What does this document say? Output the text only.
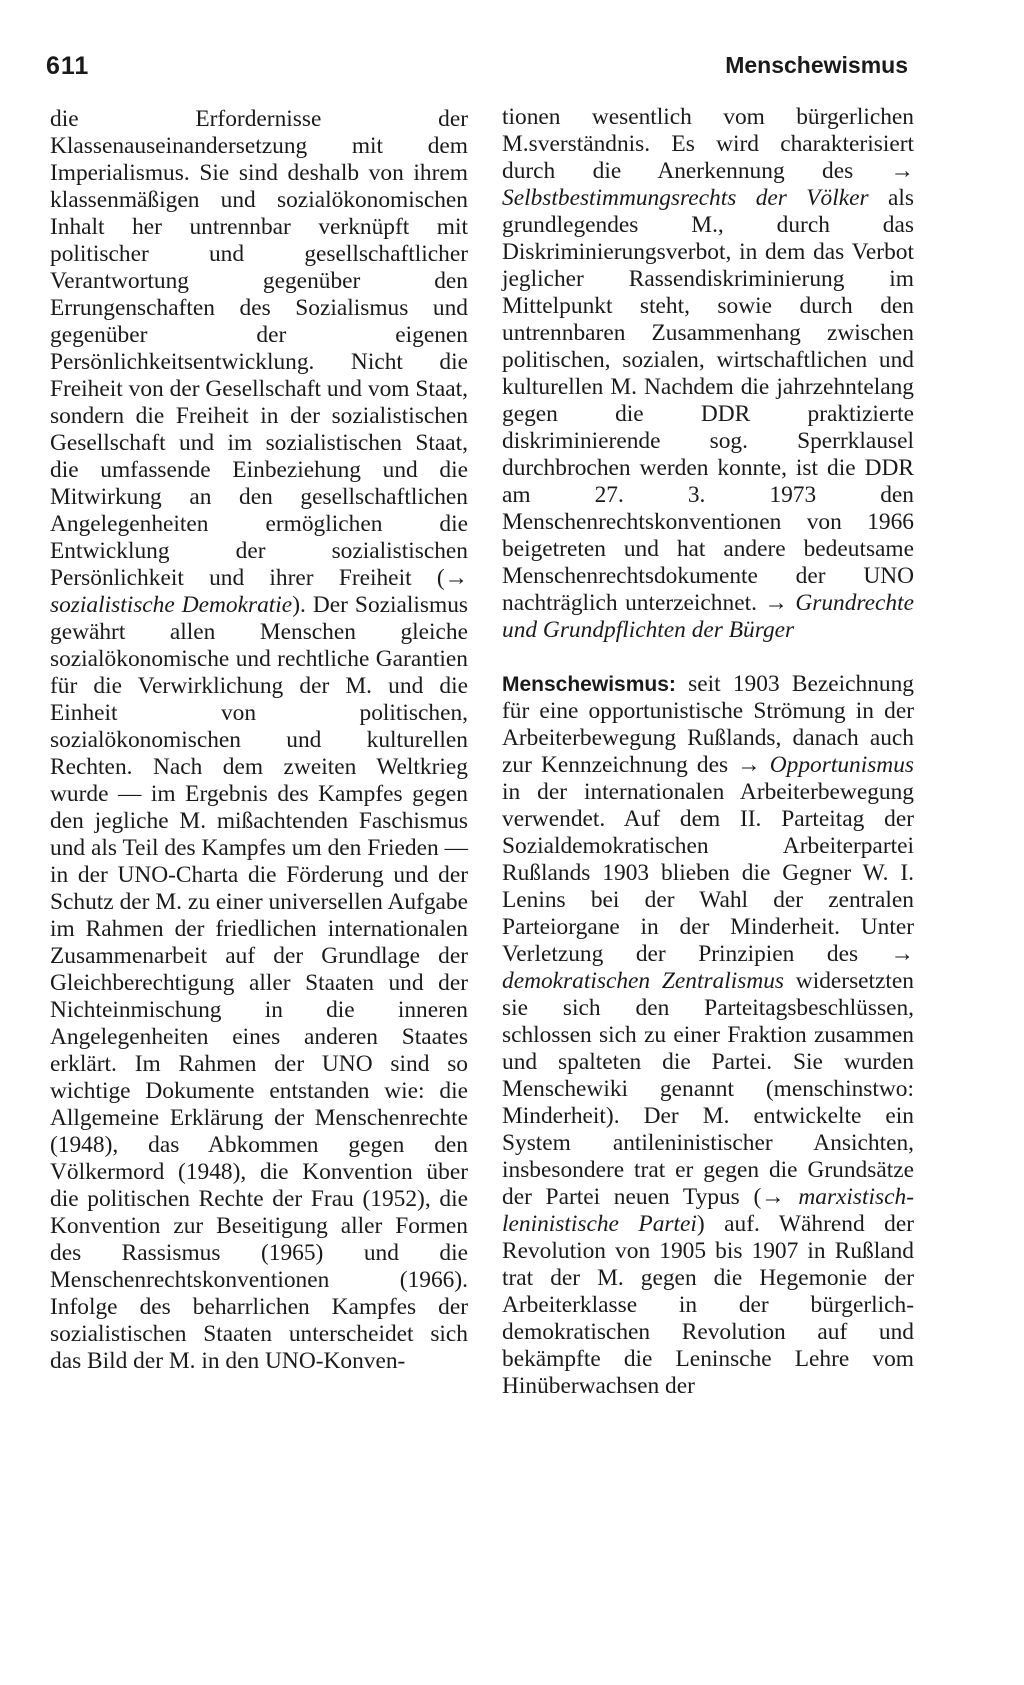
611	Menschewismus

die Erfordernisse der Klassenauseinandersetzung mit dem Imperialismus. Sie sind deshalb von ihrem klassenmäßigen und sozialökonomischen Inhalt her untrennbar verknüpft mit politischer und gesellschaftlicher Verantwortung gegenüber den Errungenschaften des Sozialismus und gegenüber der eigenen Persönlichkeitsentwicklung. Nicht die Freiheit von der Gesellschaft und vom Staat, sondern die Freiheit in der sozialistischen Gesellschaft und im sozialistischen Staat, die umfassende Einbeziehung und die Mitwirkung an den gesellschaftlichen Angelegenheiten ermöglichen die Entwicklung der sozialistischen Persönlichkeit und ihrer Freiheit (→ sozialistische Demokratie). Der Sozialismus gewährt allen Menschen gleiche sozialökonomische und rechtliche Garantien für die Verwirklichung der M. und die Einheit von politischen, sozialökonomischen und kulturellen Rechten. Nach dem zweiten Weltkrieg wurde — im Ergebnis des Kampfes gegen den jegliche M. mißachtenden Faschismus und als Teil des Kampfes um den Frieden — in der UNO-Charta die Förderung und der Schutz der M. zu einer universellen Aufgabe im Rahmen der friedlichen internationalen Zusammenarbeit auf der Grundlage der Gleichberechtigung aller Staaten und der Nichteinmischung in die inneren Angelegenheiten eines anderen Staates erklärt. Im Rahmen der UNO sind so wichtige Dokumente entstanden wie: die Allgemeine Erklärung der Menschenrechte (1948), das Abkommen gegen den Völkermord (1948), die Konvention über die politischen Rechte der Frau (1952), die Konvention zur Beseitigung aller Formen des Rassismus (1965) und die Menschenrechtskonventionen (1966). Infolge des beharrlichen Kampfes der sozialistischen Staaten unterscheidet sich das Bild der M. in den UNO-Konven-

tionen wesentlich vom bürgerlichen M.sverständnis. Es wird charakterisiert durch die Anerkennung des → Selbstbestimmungsrechts der Völker als grundlegendes M., durch das Diskriminierungsverbot, in dem das Verbot jeglicher Rassendiskriminierung im Mittelpunkt steht, sowie durch den untrennbaren Zusammenhang zwischen politischen, sozialen, wirtschaftlichen und kulturellen M. Nachdem die jahrzehntelang gegen die DDR praktizierte diskriminierende sog. Sperrklausel durchbrochen werden konnte, ist die DDR am 27. 3. 1973 den Menschenrechtskonventionen von 1966 beigetreten und hat andere bedeutsame Menschenrechtsdokumente der UNO nachträglich unterzeichnet. → Grundrechte und Grundpflichten der Bürger

Menschewismus: seit 1903 Bezeichnung für eine opportunistische Strömung in der Arbeiterbewegung Rußlands, danach auch zur Kennzeichnung des → Opportunismus in der internationalen Arbeiterbewegung verwendet. Auf dem II. Parteitag der Sozialdemokratischen Arbeiterpartei Rußlands 1903 blieben die Gegner W. I. Lenins bei der Wahl der zentralen Parteiorgane in der Minderheit. Unter Verletzung der Prinzipien des → demokratischen Zentralismus widersetzten sie sich den Parteitagsbeschlüssen, schlossen sich zu einer Fraktion zusammen und spalteten die Partei. Sie wurden Menschewiki genannt (menschinstwo: Minderheit). Der M. entwickelte ein System antileninistischer Ansichten, insbesondere trat er gegen die Grundsätze der Partei neuen Typus (→ marxistisch-leninistische Partei) auf. Während der Revolution von 1905 bis 1907 in Rußland trat der M. gegen die Hegemonie der Arbeiterklasse in der bürgerlich-demokratischen Revolution auf und bekämpfte die Leninsche Lehre vom Hinüberwachsen der
